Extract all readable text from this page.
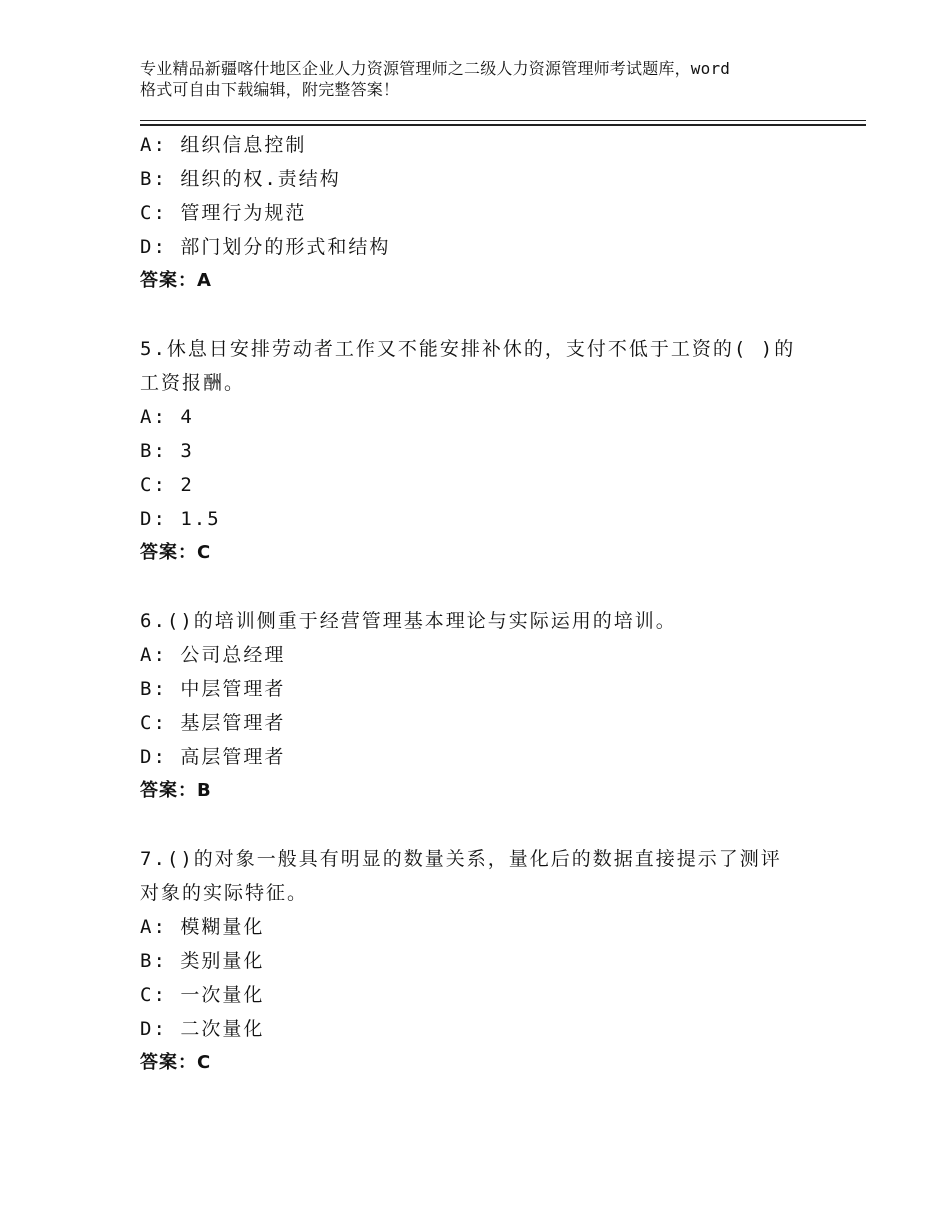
专业精品新疆喀什地区企业人力资源管理师之二级人力资源管理师考试题库，word
格式可自由下载编辑，附完整答案！
A: 组织信息控制
B: 组织的权.责结构
C: 管理行为规范
D: 部门划分的形式和结构
答案：A
5.休息日安排劳动者工作又不能安排补休的，支付不低于工资的( )的
工资报酬。
A: 4
B: 3
C: 2
D: 1.5
答案：C
6.()的培训侧重于经营管理基本理论与实际运用的培训。
A: 公司总经理
B: 中层管理者
C: 基层管理者
D: 高层管理者
答案：B
7.()的对象一般具有明显的数量关系，量化后的数据直接提示了测评
对象的实际特征。
A: 模糊量化
B: 类别量化
C: 一次量化
D: 二次量化
答案：C
